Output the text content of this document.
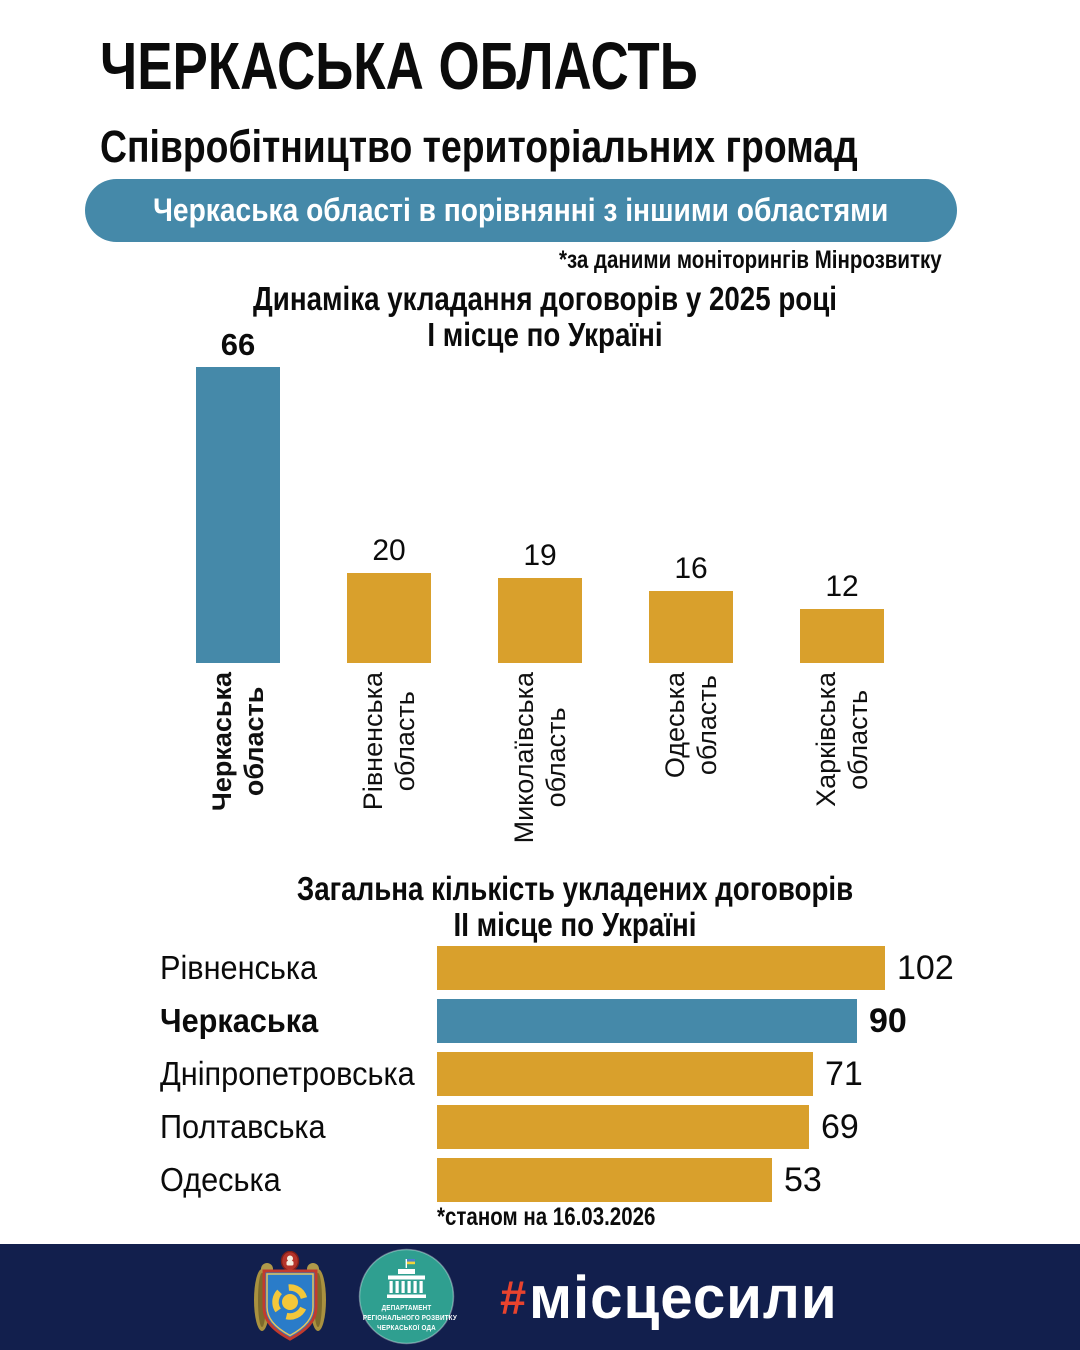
ЧЕРКАСЬКА ОБЛАСТЬ
Співробітництво територіальних громад
Черкаська області в порівнянні з іншими областями
*за даними моніторингів Мінрозвитку
Динаміка укладання договорів у 2025 році
І місце по Україні
66
Черкаська область
20
Рівненська область
19
Миколаївська область
16
Одеська область
12
Харківська область
Загальна кількість укладених договорів
ІІ місце по Україні
Рівненська	102
Черкаська	90
Дніпропетровська	71
Полтавська	69
Одеська	53
*станом на 16.03.2026
ДЕПАРТАМЕНТ
РЕГІОНАЛЬНОГО РОЗВИТКУ
ЧЕРКАСЬКОЇ ОДА
# місцесили
